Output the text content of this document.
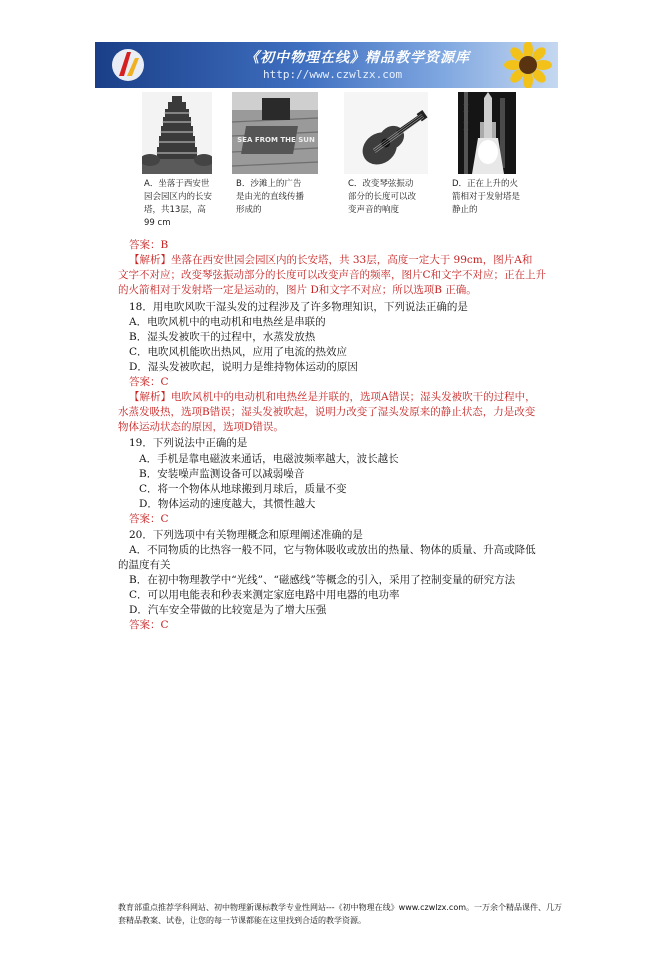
《初中物理在线》精品教学资源库
http://www.czwlzx.com
A．坐落于西安世园会园区内的长安塔，共13层，高99 cm
SEA FROM THE SUN
B．沙滩上的广告是由光的直线传播形成的
C．改变琴弦振动部分的长度可以改变声音的响度
D．正在上升的火箭相对于发射塔是静止的
答案：B
【解析】坐落在西安世园会园区内的长安塔，共 33层，高度一定大于 99cm，图片A和
文字不对应；改变琴弦振动部分的长度可以改变声音的频率，图片C和文字不对应；正在上升
的火箭相对于发射塔一定是运动的，图片 D和文字不对应；所以选项B 正确。
18．用电吹风吹干湿头发的过程涉及了许多物理知识，下列说法正确的是
A．电吹风机中的电动机和电热丝是串联的
B．湿头发被吹干的过程中，水蒸发放热
C．电吹风机能吹出热风，应用了电流的热效应
D．湿头发被吹起，说明力是维持物体运动的原因
答案：C
【解析】电吹风机中的电动机和电热丝是并联的，选项A错误；湿头发被吹干的过程中，
水蒸发吸热，选项B错误；湿头发被吹起，说明力改变了湿头发原来的静止状态，力是改变
物体运动状态的原因，选项D错误。
19．下列说法中正确的是
A．手机是靠电磁波来通话，电磁波频率越大，波长越长
B．安装噪声监测设备可以减弱噪音
C．将一个物体从地球搬到月球后，质量不变
D．物体运动的速度越大，其惯性越大
答案：C
20．下列选项中有关物理概念和原理阐述准确的是
A．不同物质的比热容一般不同，它与物体吸收或放出的热量、物体的质量、升高或降低
的温度有关
B．在初中物理教学中“光线”、“磁感线”等概念的引入，采用了控制变量的研究方法
C．可以用电能表和秒表来测定家庭电路中用电器的电功率
D．汽车安全带做的比较宽是为了增大压强
答案：C
教育部重点推荐学科网站、初中物理新课标教学专业性网站---《初中物理在线》www.czwlzx.com。一万余个精品课件、几万套精品教案、试卷，让您的每一节课都能在这里找到合适的教学资源。
